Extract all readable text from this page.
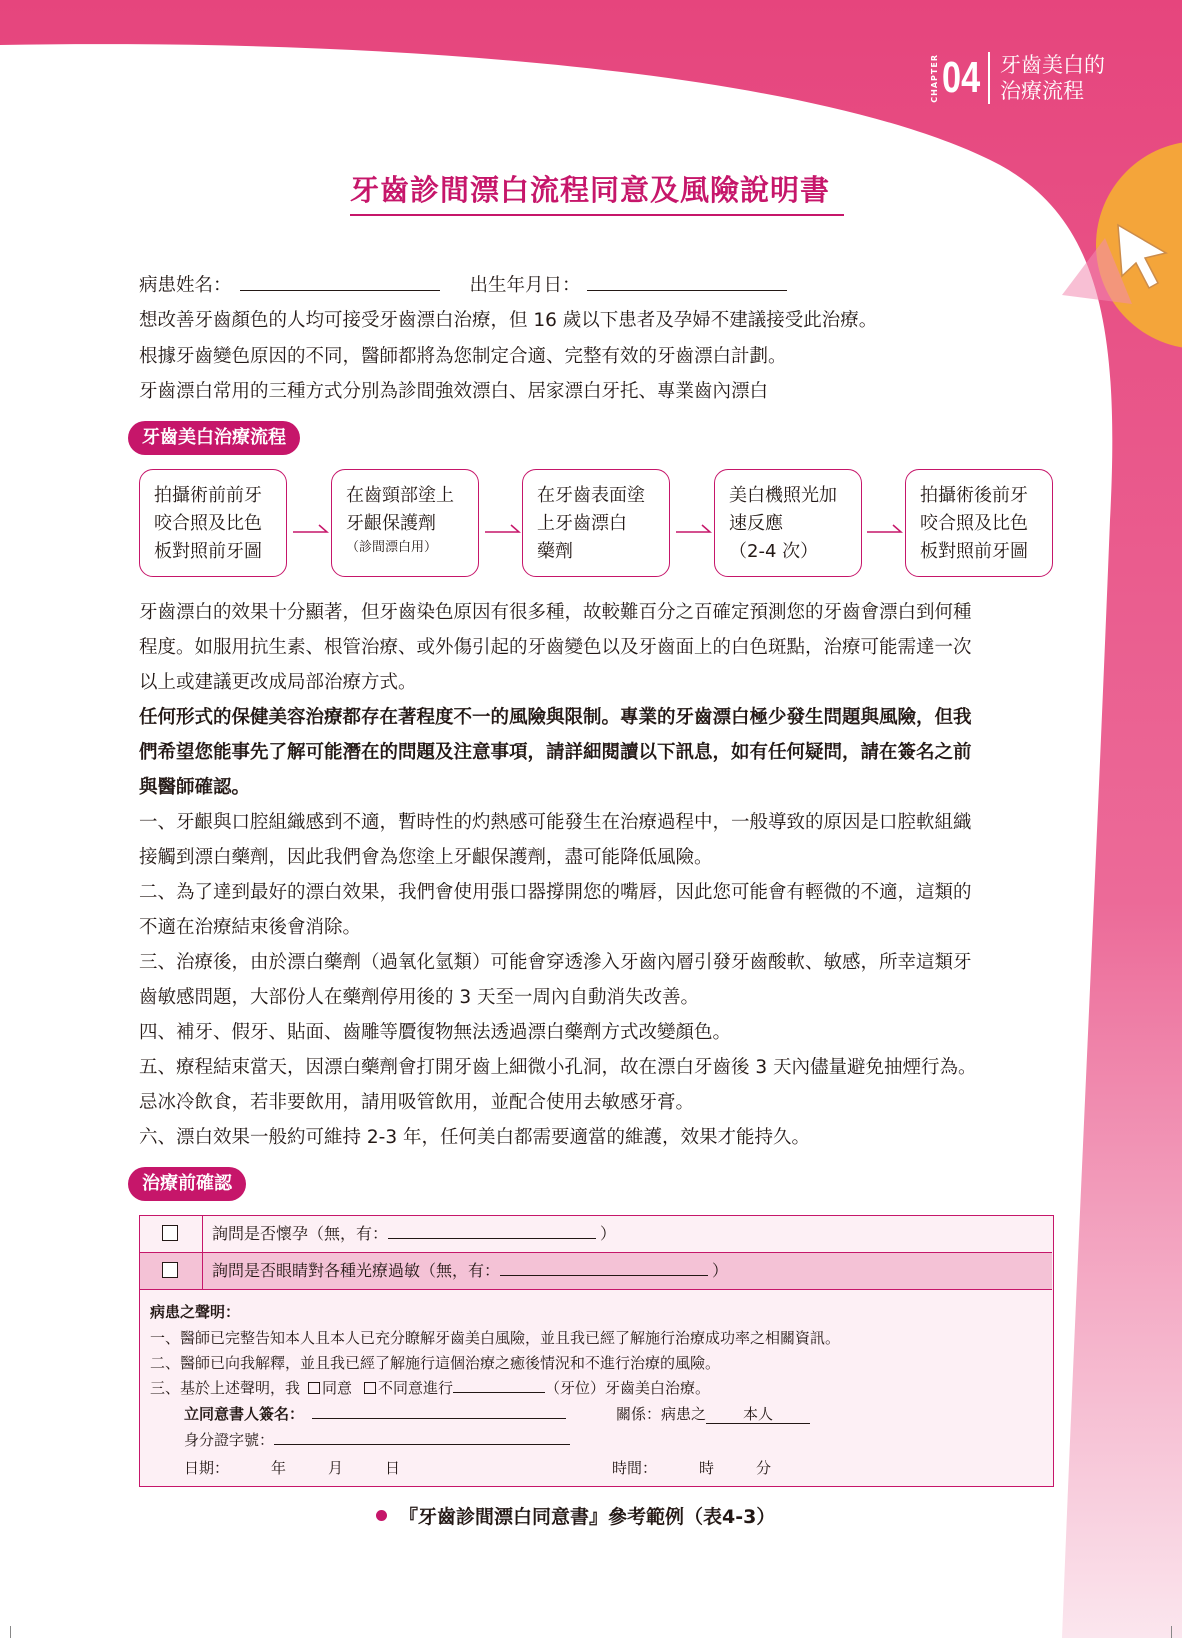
CHAPTER 04 牙齒美白的
治療流程
牙齒診間漂白流程同意及風險說明書
病患姓名：	出生年月日：
想改善牙齒顏色的人均可接受牙齒漂白治療，但 16 歲以下患者及孕婦不建議接受此治療。
根據牙齒變色原因的不同，醫師都將為您制定合適、完整有效的牙齒漂白計劃。
牙齒漂白常用的三種方式分別為診間強效漂白、居家漂白牙托、專業齒內漂白
牙齒美白治療流程
拍攝術前前牙
咬合照及比色
板對照前牙圖
在齒頸部塗上
牙齦保護劑
（診間漂白用）
在牙齒表面塗
上牙齒漂白
藥劑
美白機照光加
速反應
（2-4 次）
拍攝術後前牙
咬合照及比色
板對照前牙圖
牙齒漂白的效果十分顯著，但牙齒染色原因有很多種，故較難百分之百確定預測您的牙齒會漂白到何種
程度。如服用抗生素、根管治療、或外傷引起的牙齒變色以及牙齒面上的白色斑點，治療可能需達一次
以上或建議更改成局部治療方式。
任何形式的保健美容治療都存在著程度不一的風險與限制。專業的牙齒漂白極少發生問題與風險，但我
們希望您能事先了解可能潛在的問題及注意事項，請詳細閱讀以下訊息，如有任何疑問，請在簽名之前
與醫師確認。
一、牙齦與口腔組織感到不適，暫時性的灼熱感可能發生在治療過程中，一般導致的原因是口腔軟組織
接觸到漂白藥劑，因此我們會為您塗上牙齦保護劑，盡可能降低風險。
二、為了達到最好的漂白效果，我們會使用張口器撐開您的嘴唇，因此您可能會有輕微的不適，這類的
不適在治療結束後會消除。
三、治療後，由於漂白藥劑（過氧化氫類）可能會穿透滲入牙齒內層引發牙齒酸軟、敏感，所幸這類牙
齒敏感問題，大部份人在藥劑停用後的 3 天至一周內自動消失改善。
四、補牙、假牙、貼面、齒雕等贗復物無法透過漂白藥劑方式改變顏色。
五、療程結束當天，因漂白藥劑會打開牙齒上細微小孔洞，故在漂白牙齒後 3 天內儘量避免抽煙行為。
忌冰冷飲食，若非要飲用，請用吸管飲用，並配合使用去敏感牙膏。
六、漂白效果一般約可維持 2-3 年，任何美白都需要適當的維護，效果才能持久。
治療前確認
詢問是否懷孕（無，有：	）
詢問是否眼睛對各種光療過敏（無，有：	）
病患之聲明：
一、醫師已完整告知本人且本人已充分瞭解牙齒美白風險，並且我已經了解施行治療成功率之相關資訊。
二、醫師已向我解釋，並且我已經了解施行這個治療之癒後情況和不進行治療的風險。
三、基於上述聲明，我 同意 不同意進行	（牙位）牙齒美白治療。
立同意書人簽名：	關係：病患之 本人
身分證字號：
日期：	年	月	日	時間：	時	分
『牙齒診間漂白同意書』參考範例（表4-3）
